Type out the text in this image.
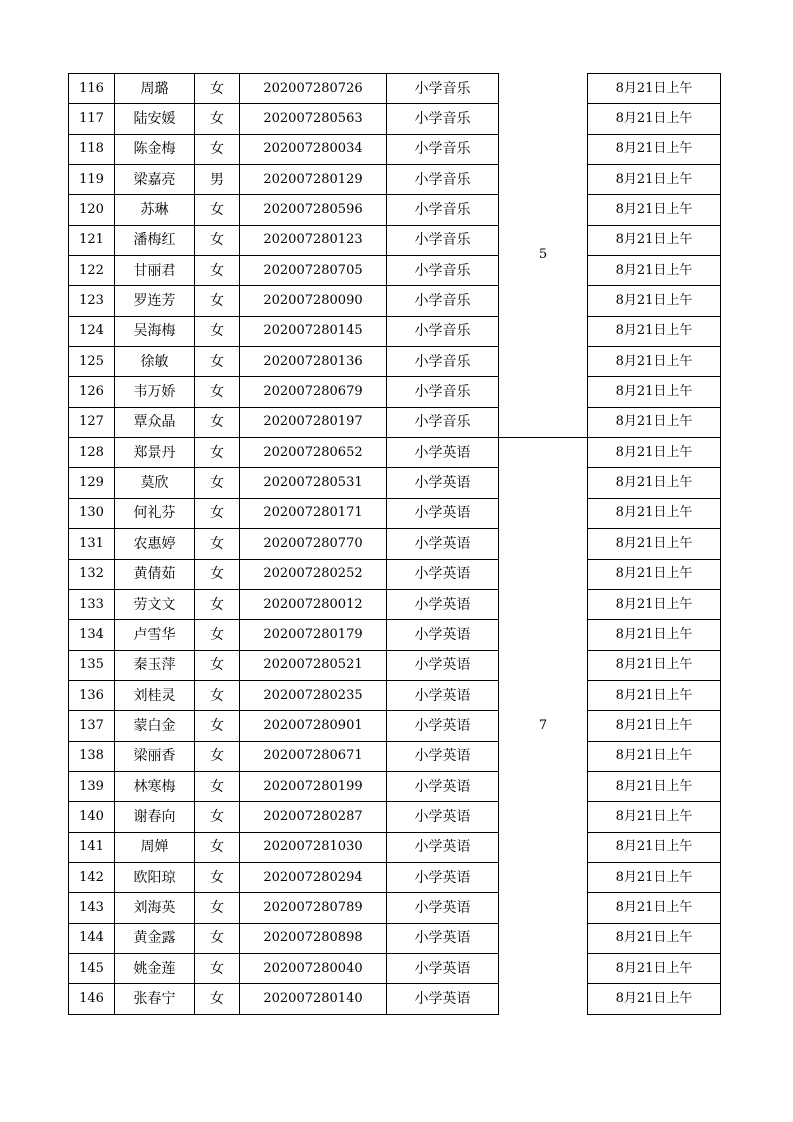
116	周璐	女	202007280726	小学音乐	5	8月21日上午
117	陆安媛	女	202007280563	小学音乐		8月21日上午
118	陈金梅	女	202007280034	小学音乐		8月21日上午
119	梁嘉亮	男	202007280129	小学音乐		8月21日上午
120	苏琳	女	202007280596	小学音乐		8月21日上午
121	潘梅红	女	202007280123	小学音乐		8月21日上午
122	甘丽君	女	202007280705	小学音乐		8月21日上午
123	罗连芳	女	202007280090	小学音乐		8月21日上午
124	吴海梅	女	202007280145	小学音乐		8月21日上午
125	徐敏	女	202007280136	小学音乐		8月21日上午
126	韦万娇	女	202007280679	小学音乐		8月21日上午
127	覃众晶	女	202007280197	小学音乐		8月21日上午
128	郑景丹	女	202007280652	小学英语	7	8月21日上午
129	莫欣	女	202007280531	小学英语		8月21日上午
130	何礼芬	女	202007280171	小学英语		8月21日上午
131	农惠婷	女	202007280770	小学英语		8月21日上午
132	黄倩茹	女	202007280252	小学英语		8月21日上午
133	劳文文	女	202007280012	小学英语		8月21日上午
134	卢雪华	女	202007280179	小学英语		8月21日上午
135	秦玉萍	女	202007280521	小学英语		8月21日上午
136	刘桂灵	女	202007280235	小学英语		8月21日上午
137	蒙白金	女	202007280901	小学英语		8月21日上午
138	梁丽香	女	202007280671	小学英语		8月21日上午
139	林寒梅	女	202007280199	小学英语		8月21日上午
140	谢春向	女	202007280287	小学英语		8月21日上午
141	周婵	女	202007281030	小学英语		8月21日上午
142	欧阳琼	女	202007280294	小学英语		8月21日上午
143	刘海英	女	202007280789	小学英语		8月21日上午
144	黄金露	女	202007280898	小学英语		8月21日上午
145	姚金莲	女	202007280040	小学英语		8月21日上午
146	张春宁	女	202007280140	小学英语		8月21日上午
